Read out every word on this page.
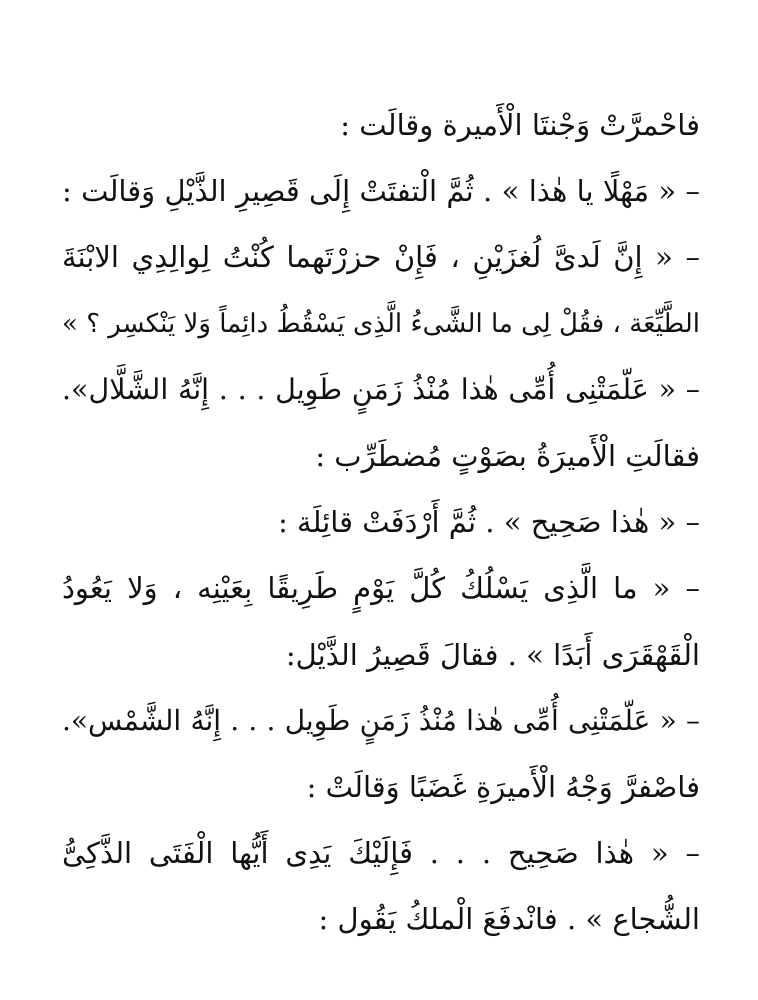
فاحْمرَّتْ وَجْنتَا الْأَميرة وقالَت :
– « مَهْلًا يا هٰذا » . ثُمَّ الْتفتَتْ إِلَى قَصِيرِ الذَّيْلِ وَقالَت :
– « إِنَّ لَدىَّ لُغزَيْنِ ، فَإِنْ حزرْتَهما كُنْتُ لِوالِدِي الابْنَةَ
الطَّيِّعَة ، فقُلْ لِى ما الشَّىءُ الَّذِى يَسْقُطُ دائِماً وَلا يَنْكسِر ؟ »
– « عَلّمَتْنِى أُمِّى هٰذا مُنْذُ زَمَنٍ طَوِيل . . . إِنَّهُ الشَّلَّال».
فقالَتِ الْأَميرَةُ بصَوْتٍ مُضطَرِّب :
– « هٰذا صَحِيح » . ثُمَّ أَرْدَفَتْ قائِلَة :
– « ما الَّذِى يَسْلُكُ كُلَّ يَوْمٍ طَرِيقًا بِعَيْنِه ، وَلا يَعُودُ
الْقَهْقَرَى أَبَدًا » . فقالَ قَصِيرُ الذَّيْل:
– « عَلّمَتْنِى أُمِّى هٰذا مُنْذُ زَمَنٍ طَوِيل . . . إِنَّهُ الشَّمْس».
فاصْفرَّ وَجْهُ الْأَميرَةِ غَضَبًا وَقالَتْ :
– « هٰذا صَحِيح . . . فَإِلَيْكَ يَدِى أَيُّها الْفَتَى الذَّكِىُّ
الشُّجاع » . فانْدفَعَ الْملكُ يَقُول :
